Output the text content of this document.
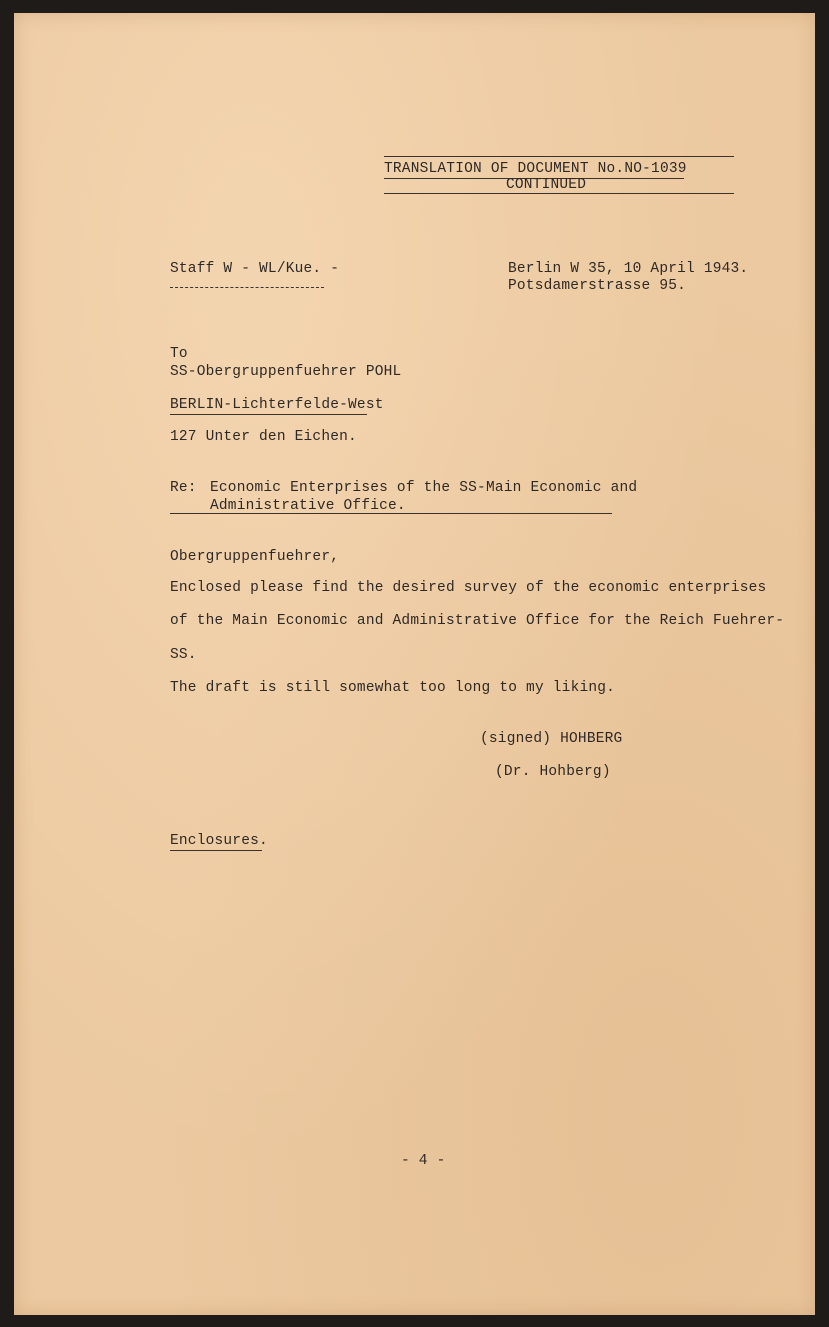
TRANSLATION OF DOCUMENT No.NO-1039
CONTINUED
Staff W - WL/Kue. -	Berlin W 35, 10 April 1943.
Potsdamerstrasse 95.
To
SS-Obergruppenfuehrer POHL
BERLIN-Lichterfelde-West
127 Unter den Eichen.
Re: Economic Enterprises of the SS-Main Economic and
Administrative Office.
Obergruppenfuehrer,
Enclosed please find the desired survey of the economic enterprises
of the Main Economic and Administrative Office for the Reich Fuehrer-
SS.
The draft is still somewhat too long to my liking.
(signed) HOHBERG
(Dr. Hohberg)
Enclosures.
- 4 -
